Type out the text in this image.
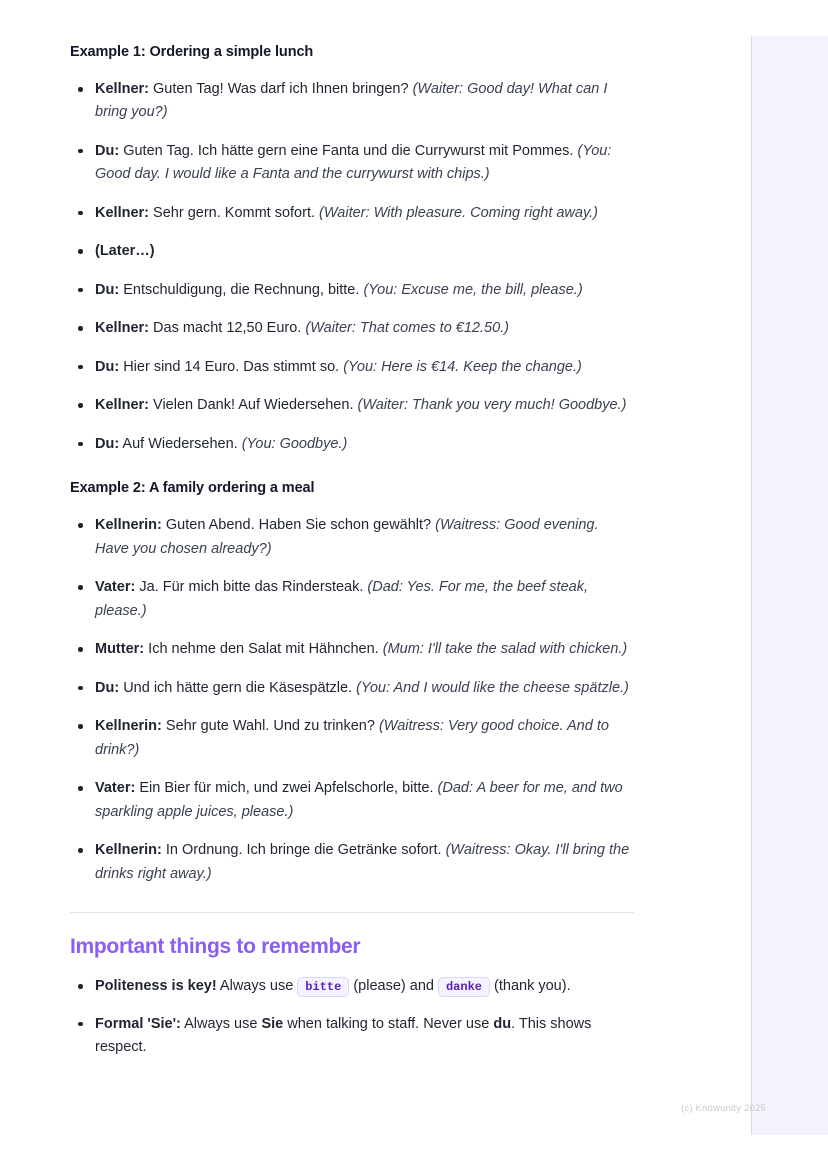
Example 1: Ordering a simple lunch
Kellner: Guten Tag! Was darf ich Ihnen bringen? (Waiter: Good day! What can I bring you?)
Du: Guten Tag. Ich hätte gern eine Fanta und die Currywurst mit Pommes. (You: Good day. I would like a Fanta and the currywurst with chips.)
Kellner: Sehr gern. Kommt sofort. (Waiter: With pleasure. Coming right away.)
(Later…)
Du: Entschuldigung, die Rechnung, bitte. (You: Excuse me, the bill, please.)
Kellner: Das macht 12,50 Euro. (Waiter: That comes to €12.50.)
Du: Hier sind 14 Euro. Das stimmt so. (You: Here is €14. Keep the change.)
Kellner: Vielen Dank! Auf Wiedersehen. (Waiter: Thank you very much! Goodbye.)
Du: Auf Wiedersehen. (You: Goodbye.)
Example 2: A family ordering a meal
Kellnerin: Guten Abend. Haben Sie schon gewählt? (Waitress: Good evening. Have you chosen already?)
Vater: Ja. Für mich bitte das Rindersteak. (Dad: Yes. For me, the beef steak, please.)
Mutter: Ich nehme den Salat mit Hähnchen. (Mum: I'll take the salad with chicken.)
Du: Und ich hätte gern die Käsespätzle. (You: And I would like the cheese spätzle.)
Kellnerin: Sehr gute Wahl. Und zu trinken? (Waitress: Very good choice. And to drink?)
Vater: Ein Bier für mich, und zwei Apfelschorle, bitte. (Dad: A beer for me, and two sparkling apple juices, please.)
Kellnerin: In Ordnung. Ich bringe die Getränke sofort. (Waitress: Okay. I'll bring the drinks right away.)
Important things to remember
Politeness is key! Always use bitte (please) and danke (thank you).
Formal 'Sie': Always use Sie when talking to staff. Never use du. This shows respect.
(c) Knowunity 2025
